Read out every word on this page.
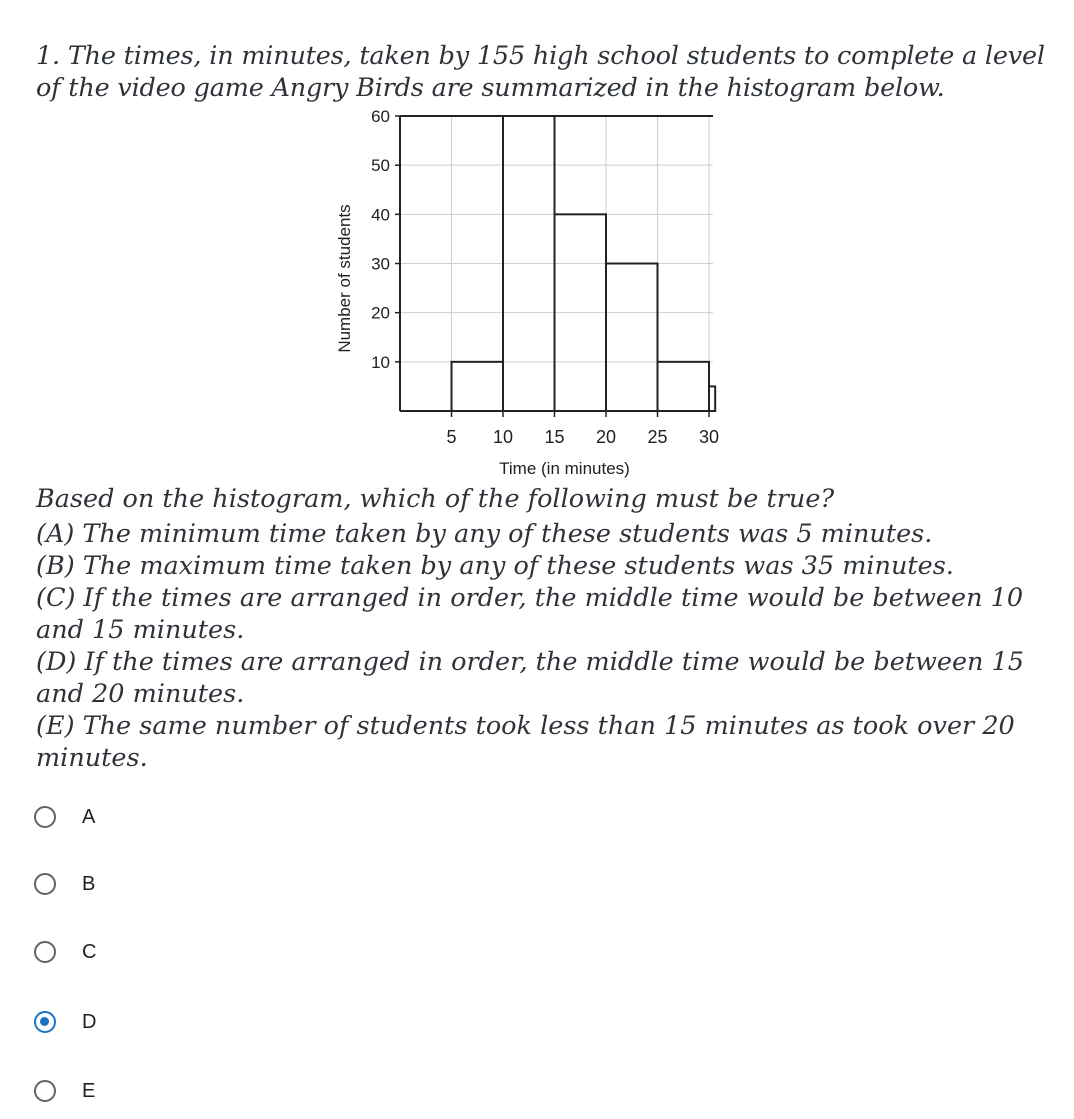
1. The times, in minutes, taken by 155 high school students to complete a level of the video game Angry Birds are summarized in the histogram below.

10
20
30
40
50
60
5 10 15 20 25 30
Time (in minutes)
Number of students

Based on the histogram, which of the following must be true?

(A) The minimum time taken by any of these students was 5 minutes.
(B) The maximum time taken by any of these students was 35 minutes.
(C) If the times are arranged in order, the middle time would be between 10 and 15 minutes.
(D) If the times are arranged in order, the middle time would be between 15 and 20 minutes.
(E) The same number of students took less than 15 minutes as took over 20 minutes.
A
B
C
D
E
